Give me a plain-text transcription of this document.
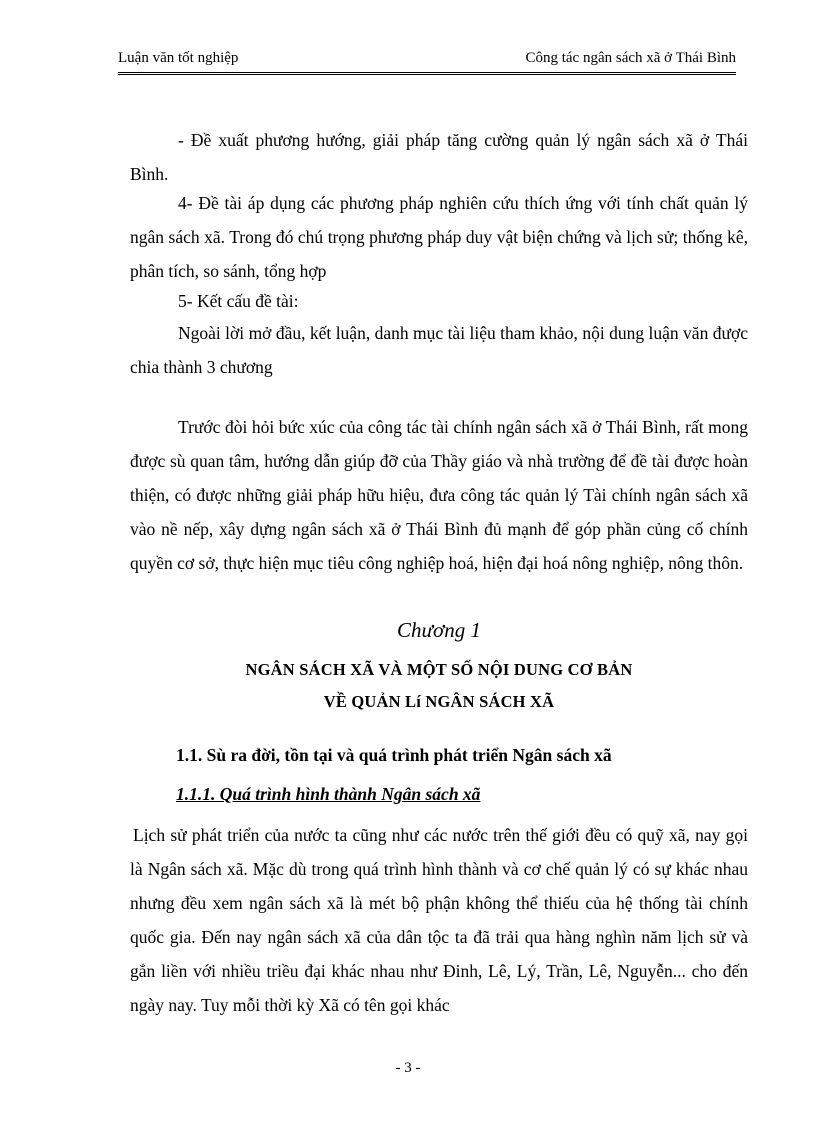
Luận văn tốt nghiệp	Công tác ngân sách xã ở Thái Bình

- Đề xuất phương hướng, giải pháp tăng cường quản lý ngân sách xã ở Thái Bình.

4- Đề tài áp dụng các phương pháp nghiên cứu thích ứng với tính chất quản lý ngân sách xã. Trong đó chú trọng phương pháp duy vật biện chứng và lịch sử; thống kê, phân tích, so sánh, tổng hợp

5- Kết cấu đề tài:

Ngoài lời mở đầu, kết luận, danh mục tài liệu tham khảo, nội dung luận văn được chia thành 3 chương

Trước đòi hỏi bức xúc của công tác tài chính ngân sách xã ở Thái Bình, rất mong được sù quan tâm, hướng dẫn giúp đỡ của Thầy giáo và nhà trường để đề tài được hoàn thiện, có được những giải pháp hữu hiệu, đưa công tác quản lý Tài chính ngân sách xã vào nề nếp, xây dựng ngân sách xã ở Thái Bình đủ mạnh để góp phần củng cố chính quyền cơ sở, thực hiện mục tiêu công nghiệp hoá, hiện đại hoá nông nghiệp, nông thôn.

Chương 1
NGÂN SÁCH XÃ VÀ MỘT SỐ NỘI DUNG CƠ BẢN
VỀ QUẢN Lí NGÂN SÁCH XÃ
1.1. Sù ra đời, tồn tại và quá trình phát triển Ngân sách xã
1.1.1. Quá trình hình thành Ngân sách xã

Lịch sử phát triển của nước ta cũng như các nước trên thế giới đều có quỹ xã, nay gọi là Ngân sách xã. Mặc dù trong quá trình hình thành và cơ chế quản lý có sự khác nhau nhưng đều xem ngân sách xã là mét bộ phận không thể thiếu của hệ thống tài chính quốc gia. Đến nay ngân sách xã của dân tộc ta đã trải qua hàng nghìn năm lịch sử và gắn liền với nhiều triều đại khác nhau như Đinh, Lê, Lý, Trần, Lê, Nguyễn... cho đến ngày nay. Tuy mỗi thời kỳ Xã có tên gọi khác

- 3 -
